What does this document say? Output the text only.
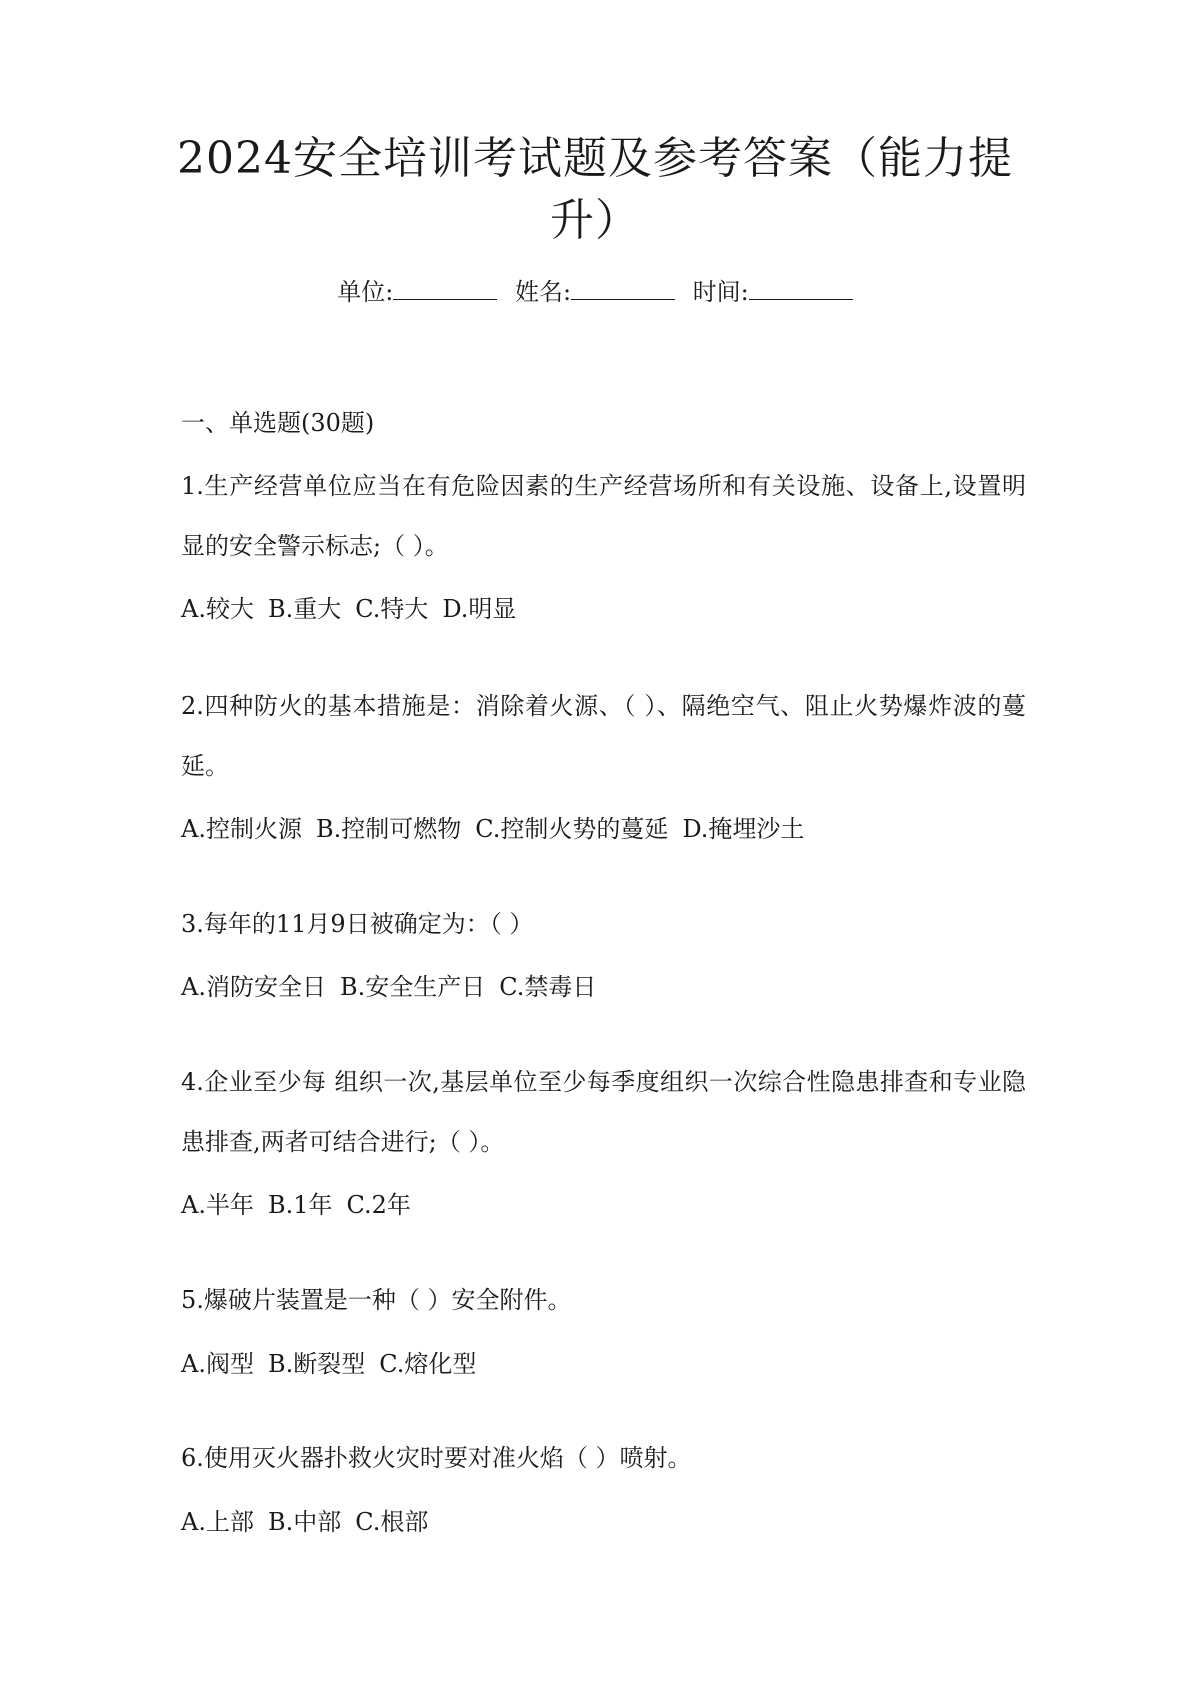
2024安全培训考试题及参考答案（能力提升）
单位:	姓名:	时间:
一、单选题(30题)
1.生产经营单位应当在有危险因素的生产经营场所和有关设施、设备上,设置明显的安全警示标志;（ ）。
A.较大 B.重大 C.特大 D.明显
2.四种防火的基本措施是：消除着火源、（ ）、隔绝空气、阻止火势爆炸波的蔓延。
A.控制火源 B.控制可燃物 C.控制火势的蔓延 D.掩埋沙土
3.每年的11月9日被确定为：（ ）
A.消防安全日 B.安全生产日 C.禁毒日
4.企业至少每 组织一次,基层单位至少每季度组织一次综合性隐患排查和专业隐患排查,两者可结合进行;（ ）。
A.半年 B.1年 C.2年
5.爆破片装置是一种（ ）安全附件。
A.阀型 B.断裂型 C.熔化型
6.使用灭火器扑救火灾时要对准火焰（ ）喷射。
A.上部 B.中部 C.根部
